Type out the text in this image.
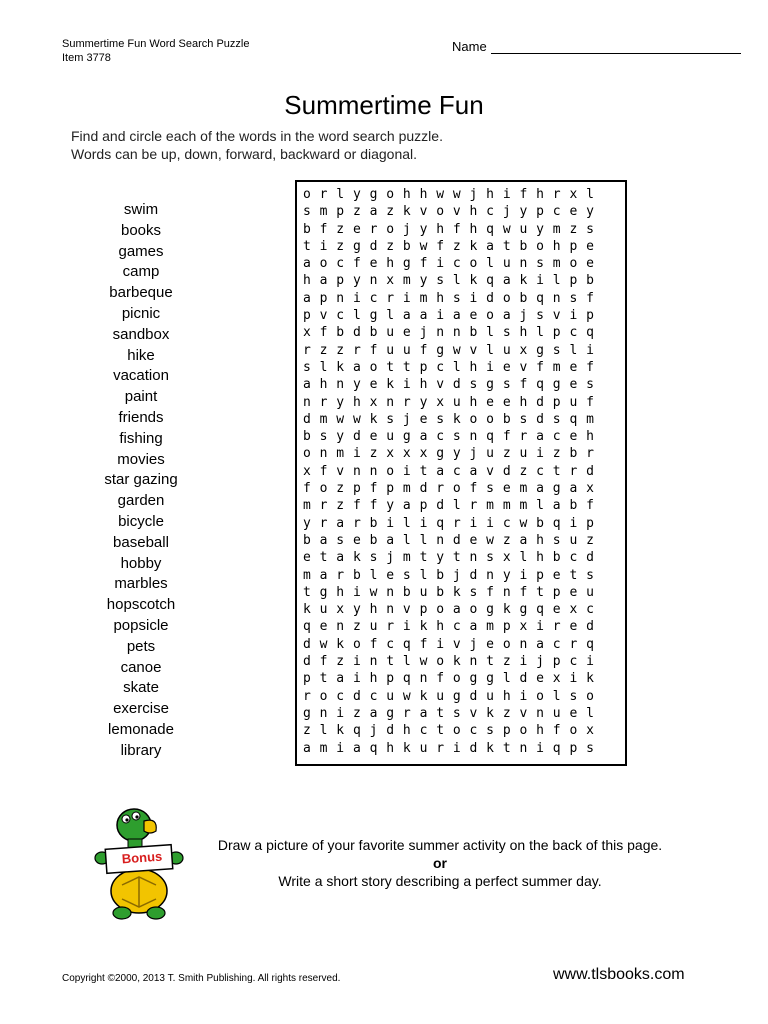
Summertime Fun Word Search Puzzle
Item 3778
Name
Summertime Fun
Find and circle each of the words in the word search puzzle.
Words can be up, down, forward, backward or diagonal.
swim
books
games
camp
barbeque
picnic
sandbox
hike
vacation
paint
friends
fishing
movies
star gazing
garden
bicycle
baseball
hobby
marbles
hopscotch
popsicle
pets
canoe
skate
exercise
lemonade
library
o r l y g o h h w w j h i f h r x l
s m p z a z k v o v h c j y p c e y
b f z e r o j y h f h q w u y m z s
t i z g d z b w f z k a t b o h p e
a o c f e h g f i c o l u n s m o e
h a p y n x m y s l k q a k i l p b
a p n i c r i m h s i d o b q n s f
p v c l g l a a i a e o a j s v i p
x f b d b u e j n n b l s h l p c q
r z z r f u u f g w v l u x g s l i
s l k a o t t p c l h i e v f m e f
a h n y e k i h v d s g s f q g e s
n r y h x n r y x u h e e h d p u f
d m w w k s j e s k o o b s d s q m
b s y d e u g a c s n q f r a c e h
o n m i z x x x g y j u z u i z b r
x f v n n o i t a c a v d z c t r d
f o z p f p m d r o f s e m a g a x
m r z f f y a p d l r m m m l a b f
y r a r b i l i q r i i c w b q i p
b a s e b a l l n d e w z a h s u z
e t a k s j m t y t n s x l h b c d
m a r b l e s l b j d n y i p e t s
t g h i w n b u b k s f n f t p e u
k u x y h n v p o a o g k g q e x c
q e n z u r i k h c a m p x i r e d
d w k o f c q f i v j e o n a c r q
d f z i n t l w o k n t z i j p c i
p t a i h p q n f o g g l d e x i k
r o c d c u w k u g d u h i o l s o
g n i z a g r a t s v k z v n u e l
z l k q j d h c t o c s p o h f o x
a m i a q h k u r i d k t n i q p s
Bonus
Draw a picture of your favorite summer activity on the back of this page.
or
Write a short story describing a perfect summer day.
Copyright ©2000, 2013 T. Smith Publishing. All rights reserved.	www.tlsbooks.com
